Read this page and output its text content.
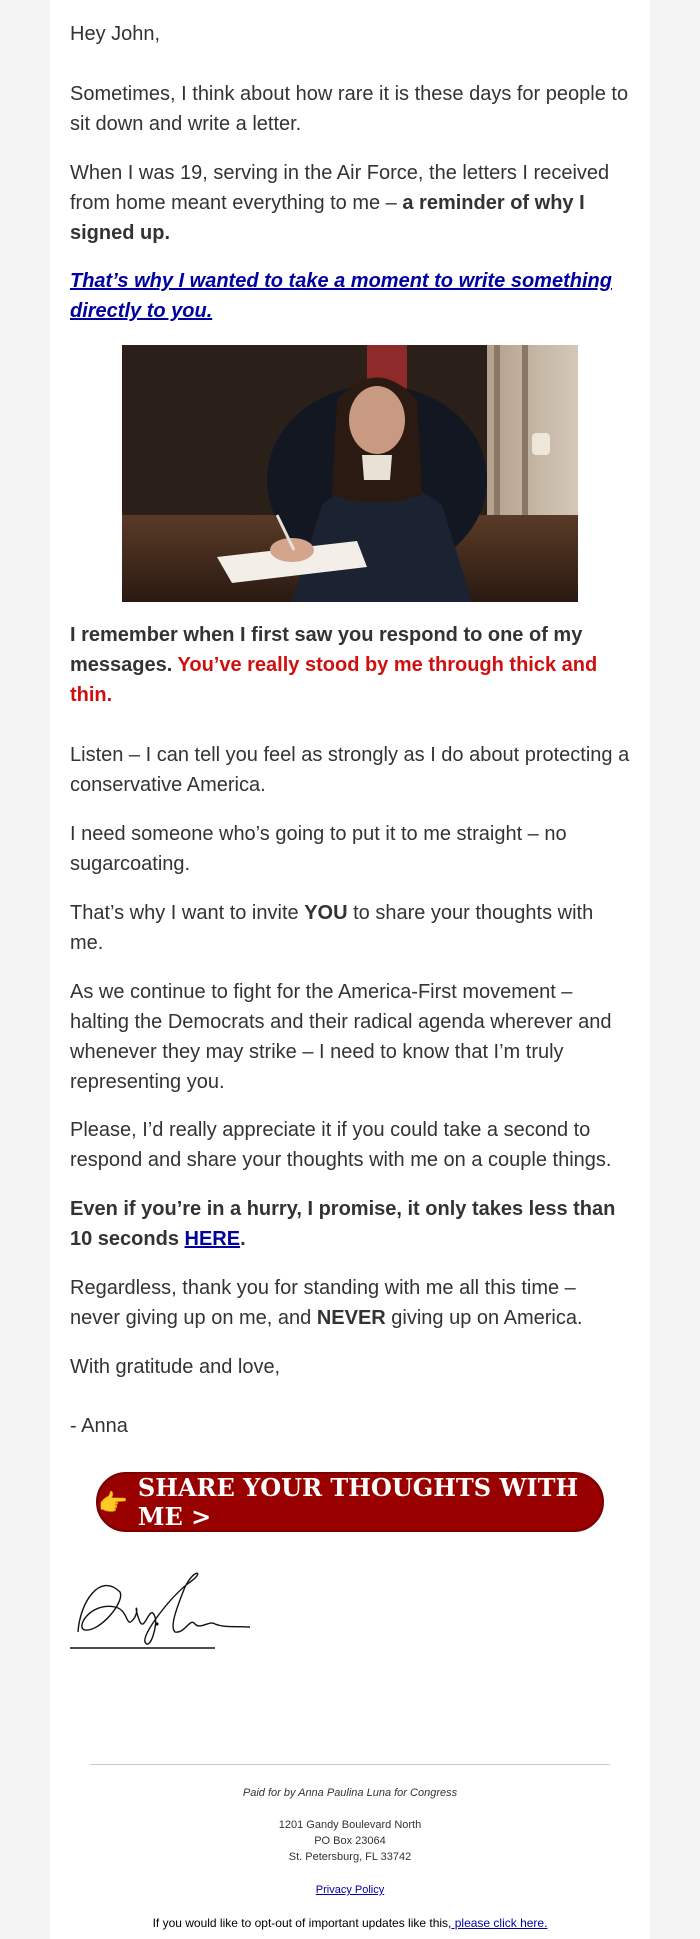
Hey John,

Sometimes, I think about how rare it is these days for people to sit down and write a letter.

When I was 19, serving in the Air Force, the letters I received from home meant everything to me – a reminder of why I signed up.

That’s why I wanted to take a moment to write something directly to you.

I remember when I first saw you respond to one of my messages. You’ve really stood by me through thick and thin.

Listen – I can tell you feel as strongly as I do about protecting a conservative America.

I need someone who’s going to put it to me straight – no sugarcoating.

That’s why I want to invite YOU to share your thoughts with me.

As we continue to fight for the America-First movement – halting the Democrats and their radical agenda wherever and whenever they may strike – I need to know that I’m truly representing you.

Please, I’d really appreciate it if you could take a second to respond and share your thoughts with me on a couple things.

Even if you’re in a hurry, I promise, it only takes less than 10 seconds HERE.

Regardless, thank you for standing with me all this time – never giving up on me, and NEVER giving up on America.

With gratitude and love,

- Anna

👉 SHARE YOUR THOUGHTS WITH ME >
Paid for by Anna Paulina Luna for Congress
1201 Gandy Boulevard North
PO Box 23064
St. Petersburg, FL 33742
Privacy Policy
If you would like to opt-out of important updates like this, please click here.
